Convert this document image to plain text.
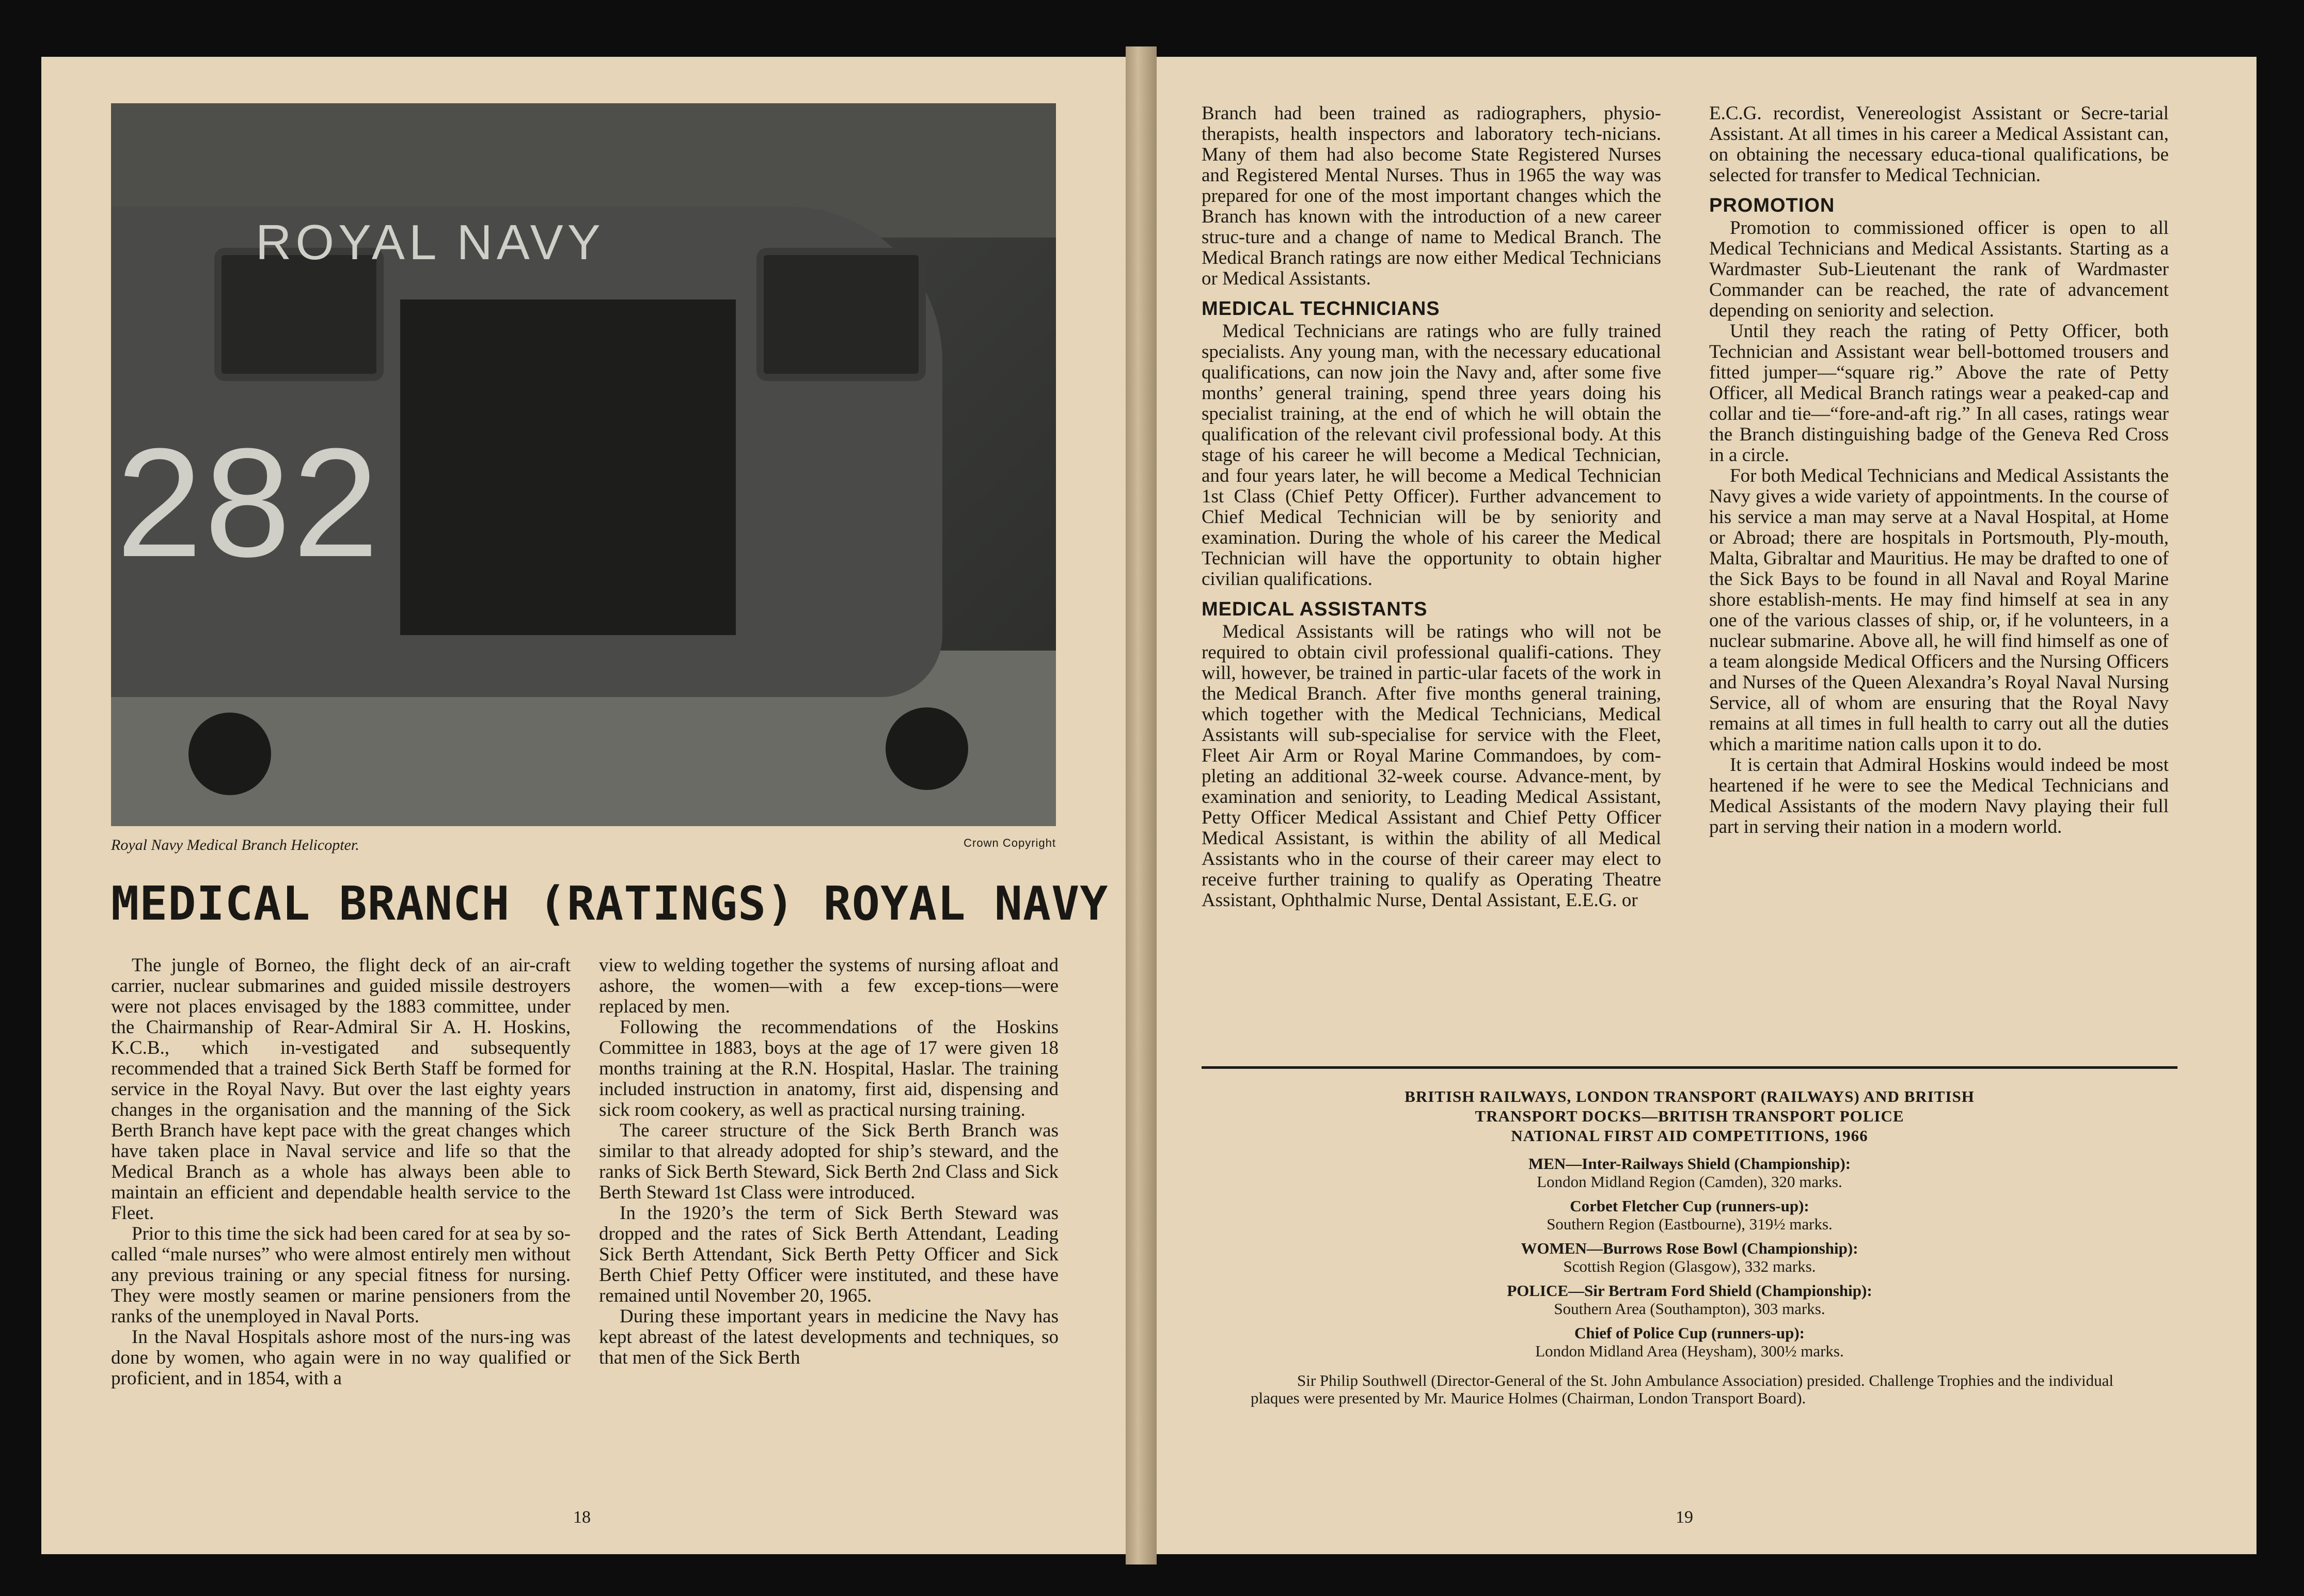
ROYAL NAVY
282
Royal Navy Medical Branch Helicopter.	Crown Copyright
MEDICAL BRANCH (RATINGS) ROYAL NAVY

The jungle of Borneo, the flight deck of an air-craft carrier, nuclear submarines and guided missile destroyers were not places envisaged by the 1883 committee, under the Chairmanship of Rear-Admiral Sir A. H. Hoskins, K.C.B., which in-vestigated and subsequently recommended that a trained Sick Berth Staff be formed for service in the Royal Navy. But over the last eighty years changes in the organisation and the manning of the Sick Berth Branch have kept pace with the great changes which have taken place in Naval service and life so that the Medical Branch as a whole has always been able to maintain an efficient and dependable health service to the Fleet.

Prior to this time the sick had been cared for at sea by so-called “male nurses” who were almost entirely men without any previous training or any special fitness for nursing. They were mostly seamen or marine pensioners from the ranks of the unemployed in Naval Ports.

In the Naval Hospitals ashore most of the nurs-ing was done by women, who again were in no way qualified or proficient, and in 1854, with a

view to welding together the systems of nursing afloat and ashore, the women—with a few excep-tions—were replaced by men.

Following the recommendations of the Hoskins Committee in 1883, boys at the age of 17 were given 18 months training at the R.N. Hospital, Haslar. The training included instruction in anatomy, first aid, dispensing and sick room cookery, as well as practical nursing training.

The career structure of the Sick Berth Branch was similar to that already adopted for ship’s steward, and the ranks of Sick Berth Steward, Sick Berth 2nd Class and Sick Berth Steward 1st Class were introduced.

In the 1920’s the term of Sick Berth Steward was dropped and the rates of Sick Berth Attendant, Leading Sick Berth Attendant, Sick Berth Petty Officer and Sick Berth Chief Petty Officer were instituted, and these have remained until November 20, 1965.

During these important years in medicine the Navy has kept abreast of the latest developments and techniques, so that men of the Sick Berth

18

Branch had been trained as radiographers, physio-therapists, health inspectors and laboratory tech-nicians. Many of them had also become State Registered Nurses and Registered Mental Nurses. Thus in 1965 the way was prepared for one of the most important changes which the Branch has known with the introduction of a new career struc-ture and a change of name to Medical Branch. The Medical Branch ratings are now either Medical Technicians or Medical Assistants.

MEDICAL TECHNICIANS

Medical Technicians are ratings who are fully trained specialists. Any young man, with the necessary educational qualifications, can now join the Navy and, after some five months’ general training, spend three years doing his specialist training, at the end of which he will obtain the qualification of the relevant civil professional body. At this stage of his career he will become a Medical Technician, and four years later, he will become a Medical Technician 1st Class (Chief Petty Officer). Further advancement to Chief Medical Technician will be by seniority and examination. During the whole of his career the Medical Technician will have the opportunity to obtain higher civilian qualifications.

MEDICAL ASSISTANTS

Medical Assistants will be ratings who will not be required to obtain civil professional qualifi-cations. They will, however, be trained in partic-ular facets of the work in the Medical Branch. After five months general training, which together with the Medical Technicians, Medical Assistants will sub-specialise for service with the Fleet, Fleet Air Arm or Royal Marine Commandoes, by com-pleting an additional 32-week course. Advance-ment, by examination and seniority, to Leading Medical Assistant, Petty Officer Medical Assistant and Chief Petty Officer Medical Assistant, is within the ability of all Medical Assistants who in the course of their career may elect to receive further training to qualify as Operating Theatre Assistant, Ophthalmic Nurse, Dental Assistant, E.E.G. or

E.C.G. recordist, Venereologist Assistant or Secre-tarial Assistant. At all times in his career a Medical Assistant can, on obtaining the necessary educa-tional qualifications, be selected for transfer to Medical Technician.

PROMOTION

Promotion to commissioned officer is open to all Medical Technicians and Medical Assistants. Starting as a Wardmaster Sub-Lieutenant the rank of Wardmaster Commander can be reached, the rate of advancement depending on seniority and selection.

Until they reach the rating of Petty Officer, both Technician and Assistant wear bell-bottomed trousers and fitted jumper—“square rig.” Above the rate of Petty Officer, all Medical Branch ratings wear a peaked-cap and collar and tie—“fore-and-aft rig.” In all cases, ratings wear the Branch distinguishing badge of the Geneva Red Cross in a circle.

For both Medical Technicians and Medical Assistants the Navy gives a wide variety of appointments. In the course of his service a man may serve at a Naval Hospital, at Home or Abroad; there are hospitals in Portsmouth, Ply-mouth, Malta, Gibraltar and Mauritius. He may be drafted to one of the Sick Bays to be found in all Naval and Royal Marine shore establish-ments. He may find himself at sea in any one of the various classes of ship, or, if he volunteers, in a nuclear submarine. Above all, he will find himself as one of a team alongside Medical Officers and the Nursing Officers and Nurses of the Queen Alexandra’s Royal Naval Nursing Service, all of whom are ensuring that the Royal Navy remains at all times in full health to carry out all the duties which a maritime nation calls upon it to do.

It is certain that Admiral Hoskins would indeed be most heartened if he were to see the Medical Technicians and Medical Assistants of the modern Navy playing their full part in serving their nation in a modern world.

BRITISH RAILWAYS, LONDON TRANSPORT (RAILWAYS) AND BRITISH
TRANSPORT DOCKS—BRITISH TRANSPORT POLICE
NATIONAL FIRST AID COMPETITIONS, 1966
MEN—Inter-Railways Shield (Championship):
London Midland Region (Camden), 320 marks.
Corbet Fletcher Cup (runners-up):
Southern Region (Eastbourne), 319½ marks.
WOMEN—Burrows Rose Bowl (Championship):
Scottish Region (Glasgow), 332 marks.
POLICE—Sir Bertram Ford Shield (Championship):
Southern Area (Southampton), 303 marks.
Chief of Police Cup (runners-up):
London Midland Area (Heysham), 300½ marks.
Sir Philip Southwell (Director-General of the St. John Ambulance Association) presided. Challenge Trophies and the individual plaques were presented by Mr. Maurice Holmes (Chairman, London Transport Board).
19
